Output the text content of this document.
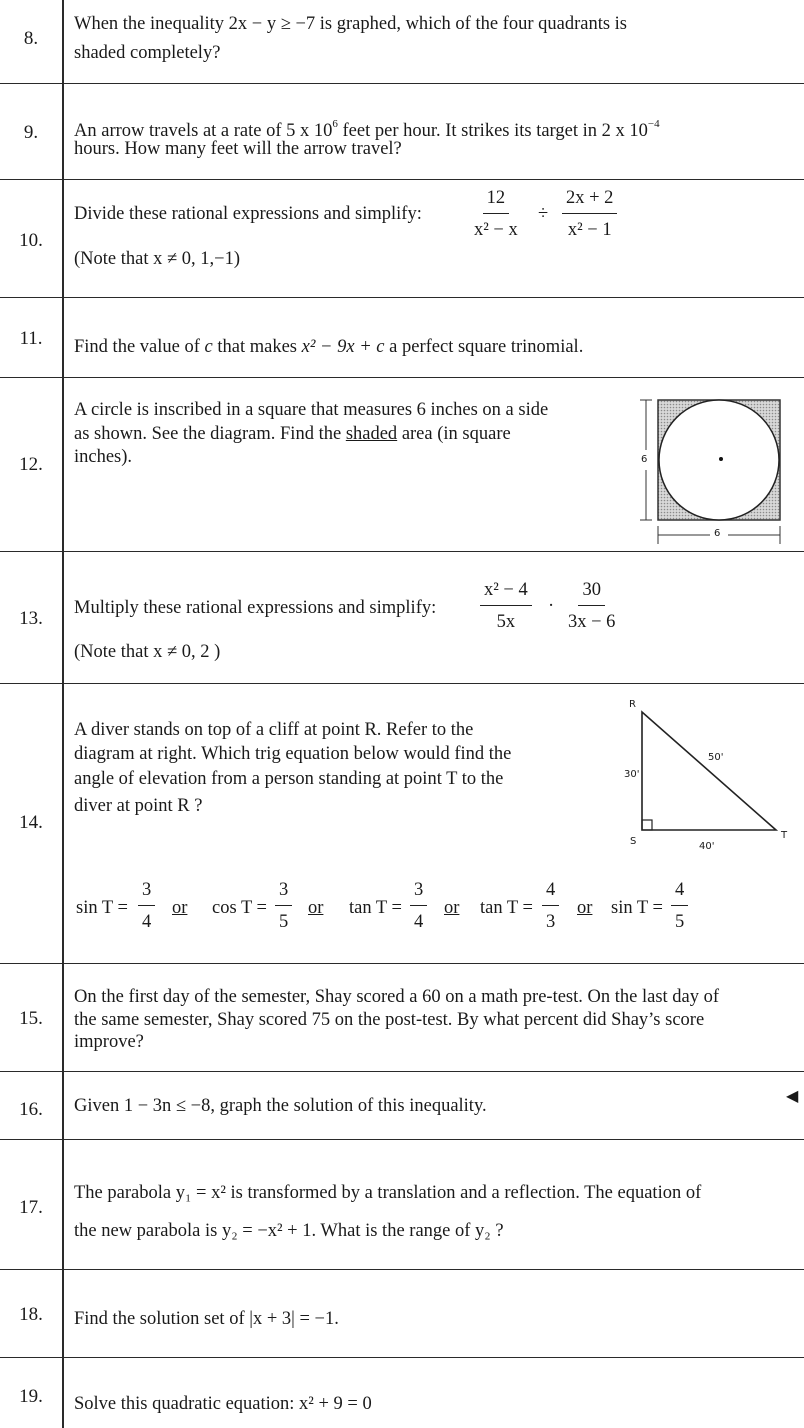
8.
When the inequality 2x − y ≥ −7 is graphed, which of the four quadrants is
shaded completely?
9.	An arrow travels at a rate of 5 x $10^6$ feet per hour. It strikes its target in 2 x $10^{-4}$
hours. How many feet will the arrow travel?
10.
Divide these rational expressions and simplify:	$\frac{12}{\text{x² − x}} \div \frac{2x + 2}{\text{x² − 1}}$
(Note that x ≠ 0, 1,−1)
11.	Find the value of c that makes x² − 9x + c a perfect square trinomial.
12.
A circle is inscribed in a square that measures 6 inches on a side
as shown. See the diagram. Find the shaded area (in square
inches).	6
6
13.	Multiply these rational expressions and simplify: $\frac{\text{x² − 4}}{5x} \cdot \frac{30}{3x - 6}$
(Note that x ≠ 0, 2 )
14.
A diver stands on top of a cliff at point R. Refer to the
diagram at right. Which trig equation below would find the
angle of elevation from a person standing at point T to the
diver at point R ?
R
S
T
30'
50'
40'
$\sin T = \frac{3}{4}$ or $\cos T = \frac{3}{5}$ or $\tan T = \frac{3}{4}$ or $\tan T = \frac{4}{3}$ or $\sin T = \frac{4}{5}$
15.
On the first day of the semester, Shay scored a 60 on a math pre-test. On the last day of
the same semester, Shay scored 75 on the post-test. By what percent did Shay’s score
improve?
16.	Given 1 − 3n ≤ −8, graph the solution of this inequality.
◀
17.
The parabola y₁ = x² is transformed by a translation and a reflection. The equation of
the new parabola is y₂ = −x² + 1. What is the range of y₂ ?
18.	Find the solution set of |x + 3| = −1.
19.	Solve this quadratic equation: x² + 9 = 0
